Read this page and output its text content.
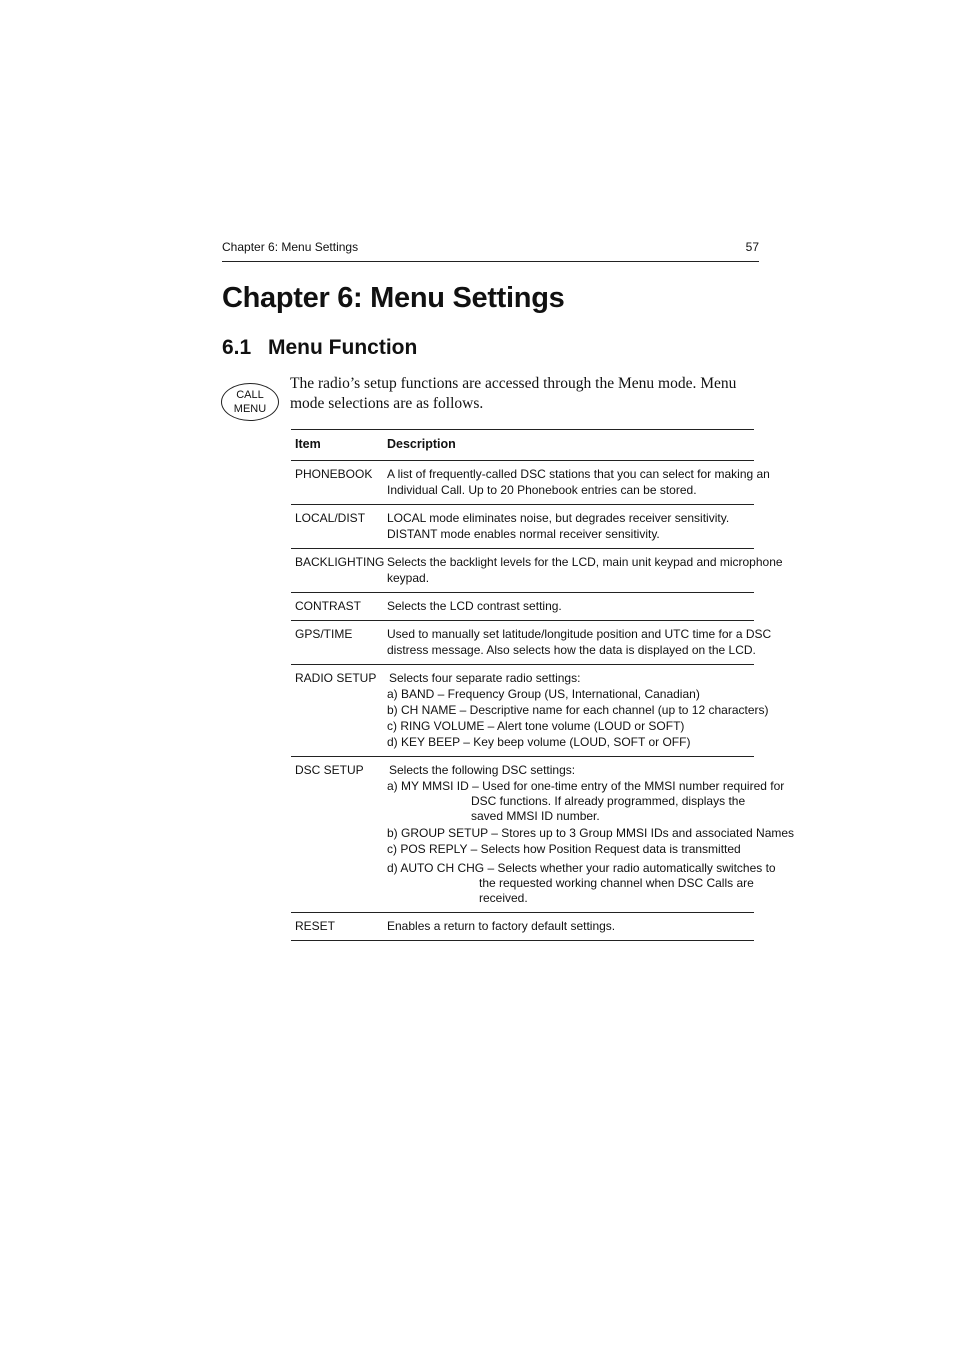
Chapter 6: Menu Settings	57
Chapter 6: Menu Settings
6.1 Menu Function
CALL
MENU

The radio’s setup functions are accessed through the Menu mode. Menu mode selections are as follows.

Item	Description
PHONEBOOK A list of frequently-called DSC stations that you can select for making an
Individual Call. Up to 20 Phonebook entries can be stored.
LOCAL/DIST LOCAL mode eliminates noise, but degrades receiver sensitivity.
DISTANT mode enables normal receiver sensitivity.
BACKLIGHTING Selects the backlight levels for the LCD, main unit keypad and microphone
keypad.
CONTRAST Selects the LCD contrast setting.
GPS/TIME	Used to manually set latitude/longitude position and UTC time for a DSC
distress message. Also selects how the data is displayed on the LCD.
RADIO SETUP Selects four separate radio settings:
a) BAND – Frequency Group (US, International, Canadian)
b) CH NAME – Descriptive name for each channel (up to 12 characters)
c) RING VOLUME – Alert tone volume (LOUD or SOFT)
d) KEY BEEP – Key beep volume (LOUD, SOFT or OFF)
DSC SETUP Selects the following DSC settings:
a) MY MMSI ID – Used for one-time entry of the MMSI number required for
DSC functions. If already programmed, displays the
saved MMSI ID number.
b) GROUP SETUP – Stores up to 3 Group MMSI IDs and associated Names
c) POS REPLY – Selects how Position Request data is transmitted
d) AUTO CH CHG – Selects whether your radio automatically switches to
the requested working channel when DSC Calls are
received.
RESET	Enables a return to factory default settings.
